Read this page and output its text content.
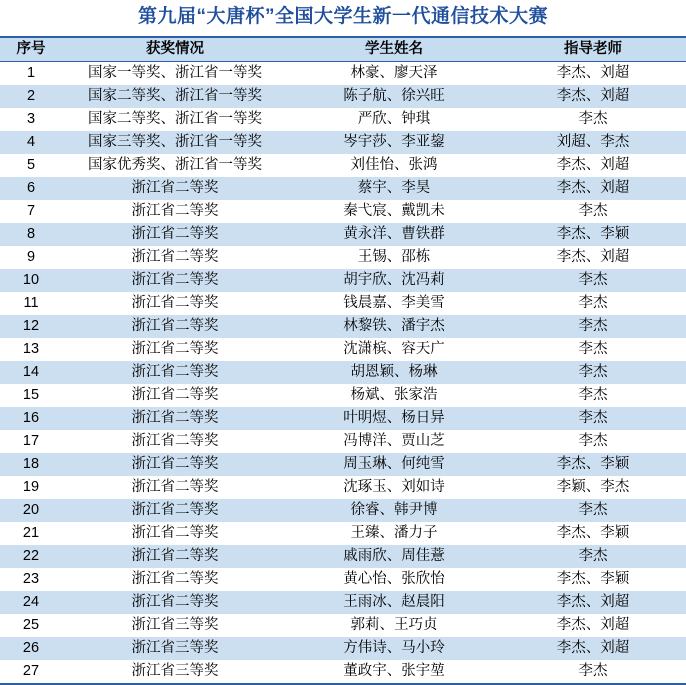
第九届“大唐杯”全国大学生新一代通信技术大赛
序号	获奖情况	学生姓名	指导老师
1	国家一等奖、浙江省一等奖	林豪、廖天泽	李杰、刘超
2	国家二等奖、浙江省一等奖	陈子航、徐兴旺	李杰、刘超
3	国家二等奖、浙江省一等奖	严欣、钟琪	李杰
4	国家三等奖、浙江省一等奖	岑宇莎、李亚鋆	刘超、李杰
5	国家优秀奖、浙江省一等奖	刘佳怡、张鸿	李杰、刘超
6	浙江省二等奖	蔡宇、李昊	李杰、刘超
7	浙江省二等奖	秦弋宸、戴凯未	李杰
8	浙江省二等奖	黄永洋、曹铁群	李杰、李颖
9	浙江省二等奖	王锡、邵栋	李杰、刘超
10	浙江省二等奖	胡宇欣、沈冯莉	李杰
11	浙江省二等奖	钱晨嘉、李美雪	李杰
12	浙江省二等奖	林黎铁、潘宇杰	李杰
13	浙江省二等奖	沈潇槟、容天广	李杰
14	浙江省二等奖	胡恩颖、杨琳	李杰
15	浙江省二等奖	杨斌、张家浩	李杰
16	浙江省二等奖	叶明煜、杨日异	李杰
17	浙江省二等奖	冯博洋、贾山芝	李杰
18	浙江省二等奖	周玉琳、何纯雪	李杰、李颖
19	浙江省二等奖	沈琢玉、刘如诗	李颖、李杰
20	浙江省二等奖	徐睿、韩尹博	李杰
21	浙江省二等奖	王臻、潘力子	李杰、李颖
22	浙江省二等奖	戚雨欣、周佳薏	李杰
23	浙江省二等奖	黄心怡、张欣怡	李杰、李颖
24	浙江省二等奖	王雨冰、赵晨阳	李杰、刘超
25	浙江省三等奖	郭莉、王巧贞	李杰、刘超
26	浙江省三等奖	方伟诗、马小玲	李杰、刘超
27	浙江省三等奖	董政宇、张宇堃	李杰
